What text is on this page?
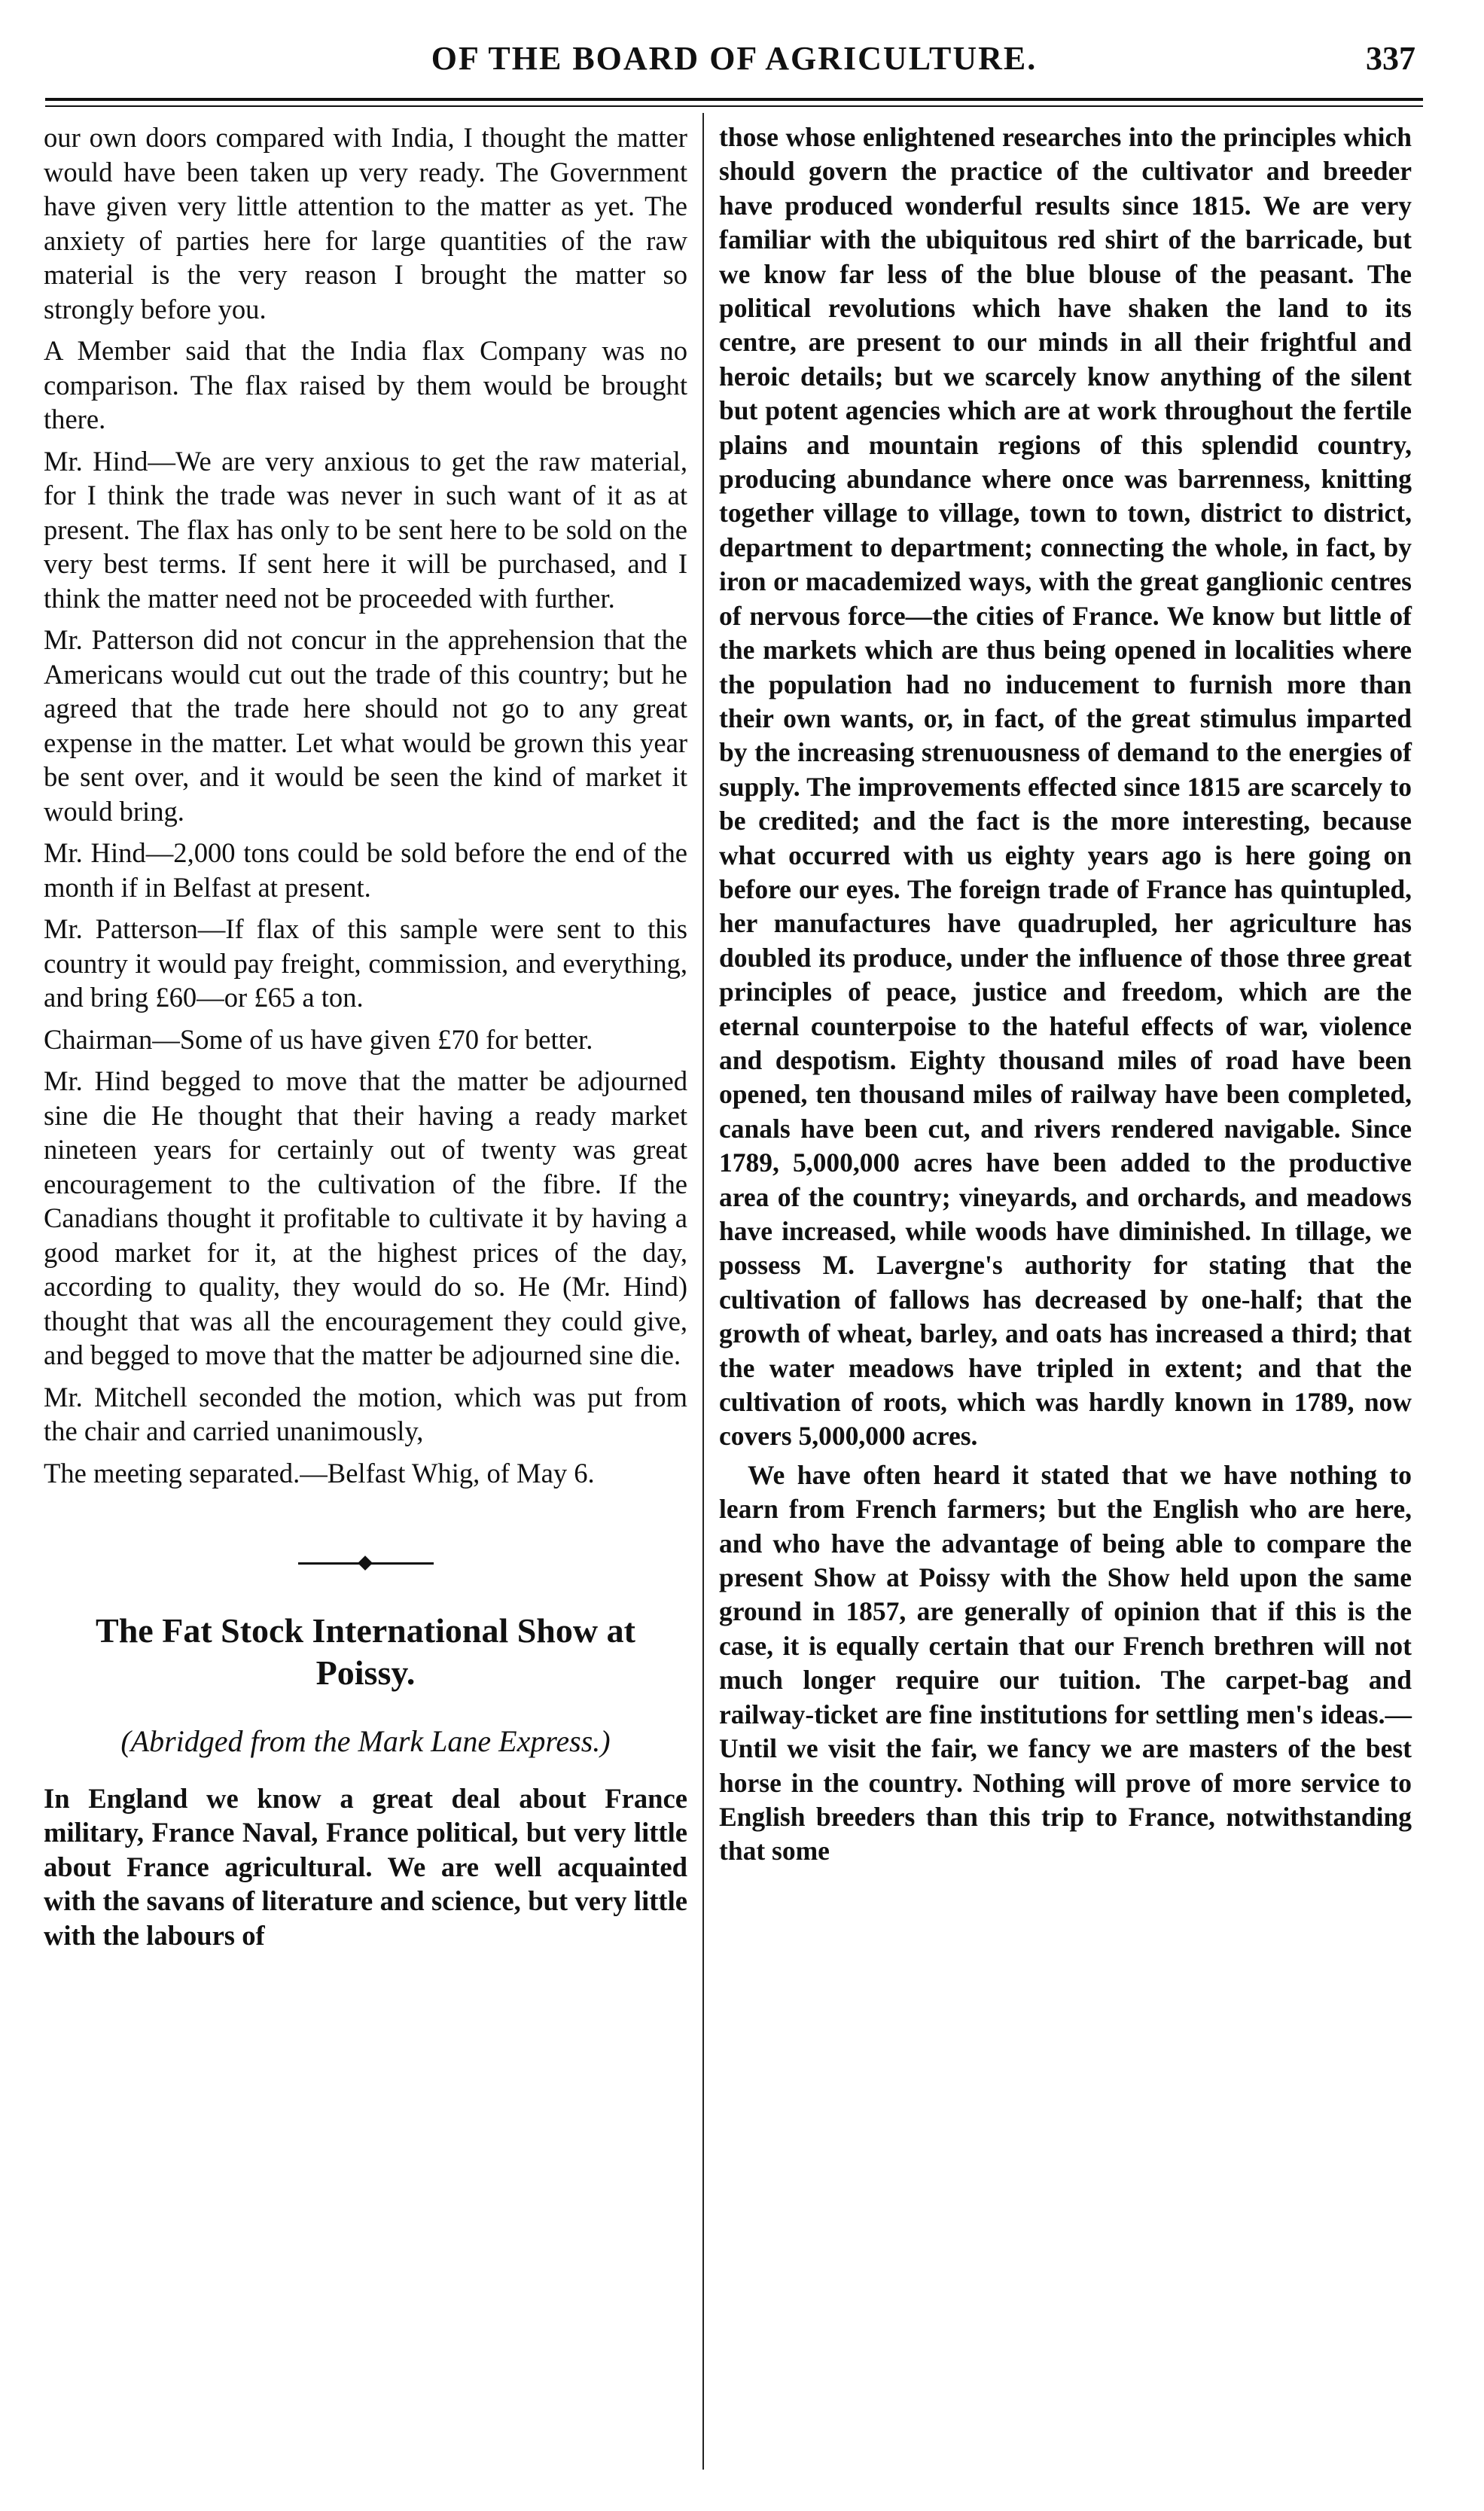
OF THE BOARD OF AGRICULTURE.	337

our own doors compared with India, I thought the matter would have been taken up very ready. The Government have given very little attention to the matter as yet. The anxiety of parties here for large quantities of the raw material is the very reason I brought the matter so strongly before you.

A Member said that the India flax Company was no comparison. The flax raised by them would be brought there.

Mr. Hind—We are very anxious to get the raw material, for I think the trade was never in such want of it as at present. The flax has only to be sent here to be sold on the very best terms. If sent here it will be purchased, and I think the matter need not be proceeded with further.

Mr. Patterson did not concur in the apprehension that the Americans would cut out the trade of this country; but he agreed that the trade here should not go to any great expense in the matter. Let what would be grown this year be sent over, and it would be seen the kind of market it would bring.

Mr. Hind—2,000 tons could be sold before the end of the month if in Belfast at present.

Mr. Patterson—If flax of this sample were sent to this country it would pay freight, commission, and everything, and bring £60—or £65 a ton.

Chairman—Some of us have given £70 for better.

Mr. Hind begged to move that the matter be adjourned sine die He thought that their having a ready market nineteen years for certainly out of twenty was great encouragement to the cultivation of the fibre. If the Canadians thought it profitable to cultivate it by having a good market for it, at the highest prices of the day, according to quality, they would do so. He (Mr. Hind) thought that was all the encouragement they could give, and begged to move that the matter be adjourned sine die.

Mr. Mitchell seconded the motion, which was put from the chair and carried unanimously,

The meeting separated.—Belfast Whig, of May 6.

The Fat Stock International Show at Poissy.
(Abridged from the Mark Lane Express.)

In England we know a great deal about France military, France Naval, France political, but very little about France agricultural. We are well acquainted with the savans of literature and science, but very little with the labours of

those whose enlightened researches into the principles which should govern the practice of the cultivator and breeder have produced wonderful results since 1815. We are very familiar with the ubiquitous red shirt of the barricade, but we know far less of the blue blouse of the peasant. The political revolutions which have shaken the land to its centre, are present to our minds in all their frightful and heroic details; but we scarcely know anything of the silent but potent agencies which are at work throughout the fertile plains and mountain regions of this splendid country, producing abundance where once was barrenness, knitting together village to village, town to town, district to district, department to department; connecting the whole, in fact, by iron or macademized ways, with the great ganglionic centres of nervous force—the cities of France. We know but little of the markets which are thus being opened in localities where the population had no inducement to furnish more than their own wants, or, in fact, of the great stimulus imparted by the increasing strenuousness of demand to the energies of supply. The improvements effected since 1815 are scarcely to be credited; and the fact is the more interesting, because what occurred with us eighty years ago is here going on before our eyes. The foreign trade of France has quintupled, her manufactures have quadrupled, her agriculture has doubled its produce, under the influence of those three great principles of peace, justice and freedom, which are the eternal counterpoise to the hateful effects of war, violence and despotism. Eighty thousand miles of road have been opened, ten thousand miles of railway have been completed, canals have been cut, and rivers rendered navigable. Since 1789, 5,000,000 acres have been added to the productive area of the country; vineyards, and orchards, and meadows have increased, while woods have diminished. In tillage, we possess M. Lavergne's authority for stating that the cultivation of fallows has decreased by one-half; that the growth of wheat, barley, and oats has increased a third; that the water meadows have tripled in extent; and that the cultivation of roots, which was hardly known in 1789, now covers 5,000,000 acres.

We have often heard it stated that we have nothing to learn from French farmers; but the English who are here, and who have the advantage of being able to compare the present Show at Poissy with the Show held upon the same ground in 1857, are generally of opinion that if this is the case, it is equally certain that our French brethren will not much longer require our tuition. The carpet-bag and railway-ticket are fine institutions for settling men's ideas.—Until we visit the fair, we fancy we are masters of the best horse in the country. Nothing will prove of more service to English breeders than this trip to France, notwithstanding that some
